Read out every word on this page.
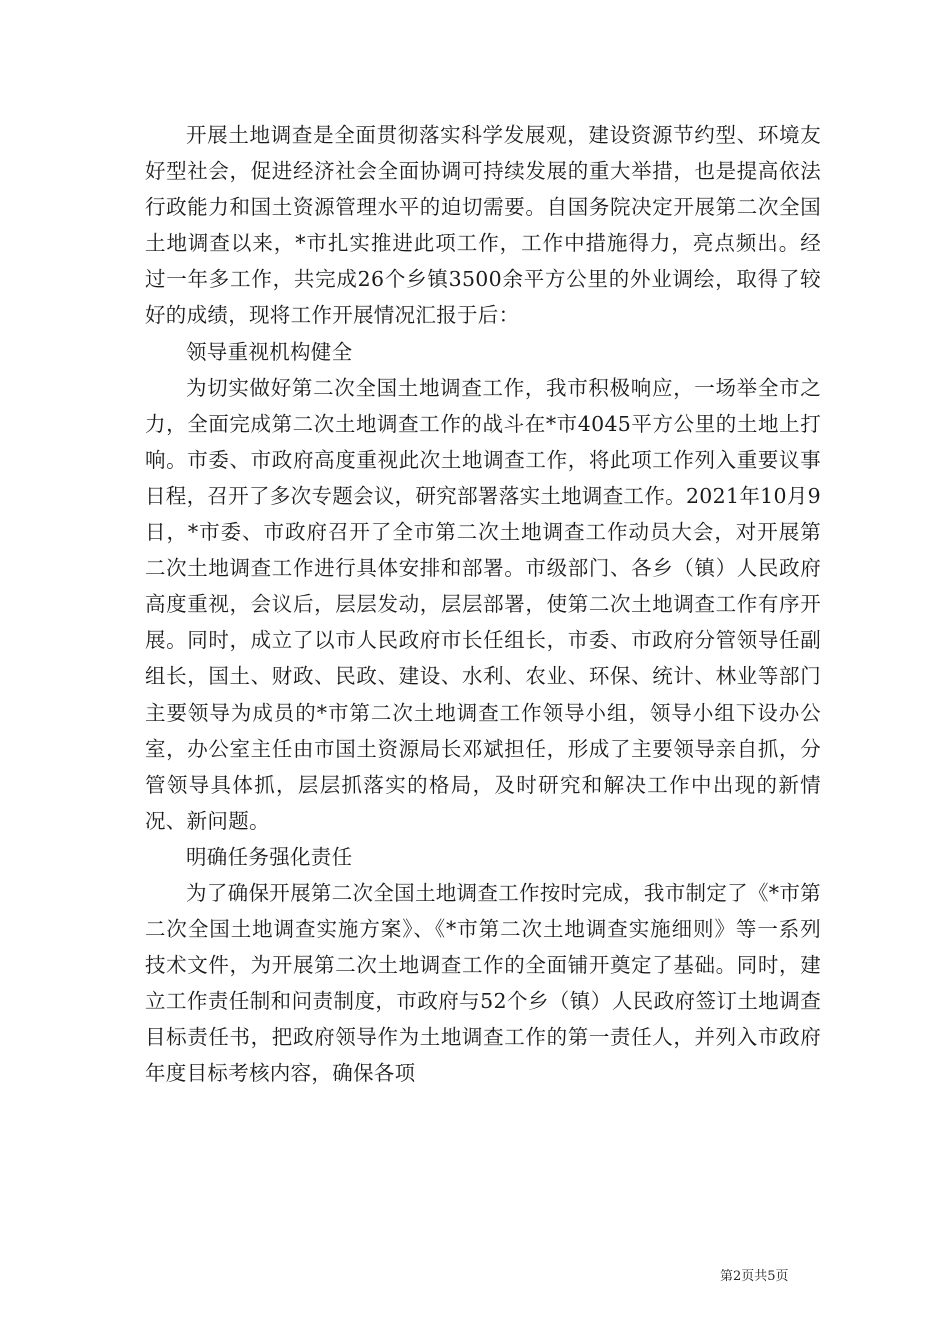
开展土地调查是全面贯彻落实科学发展观，建设资源节约型、环境友好型社会，促进经济社会全面协调可持续发展的重大举措，也是提高依法行政能力和国土资源管理水平的迫切需要。自国务院决定开展第二次全国土地调查以来，*市扎实推进此项工作，工作中措施得力，亮点频出。经过一年多工作，共完成26个乡镇3500余平方公里的外业调绘，取得了较好的成绩，现将工作开展情况汇报于后：

领导重视机构健全

为切实做好第二次全国土地调查工作，我市积极响应，一场举全市之力，全面完成第二次土地调查工作的战斗在*市4045平方公里的土地上打响。市委、市政府高度重视此次土地调查工作，将此项工作列入重要议事日程，召开了多次专题会议，研究部署落实土地调查工作。2021年10月9日，*市委、市政府召开了全市第二次土地调查工作动员大会，对开展第二次土地调查工作进行具体安排和部署。市级部门、各乡（镇）人民政府高度重视，会议后，层层发动，层层部署，使第二次土地调查工作有序开展。同时，成立了以市人民政府市长任组长，市委、市政府分管领导任副组长，国土、财政、民政、建设、水利、农业、环保、统计、林业等部门主要领导为成员的*市第二次土地调查工作领导小组，领导小组下设办公室，办公室主任由市国土资源局长邓斌担任，形成了主要领导亲自抓，分管领导具体抓，层层抓落实的格局，及时研究和解决工作中出现的新情况、新问题。

明确任务强化责任

为了确保开展第二次全国土地调查工作按时完成，我市制定了《*市第二次全国土地调查实施方案》、《*市第二次土地调查实施细则》等一系列技术文件，为开展第二次土地调查工作的全面铺开奠定了基础。同时，建立工作责任制和问责制度，市政府与52个乡（镇）人民政府签订土地调查目标责任书，把政府领导作为土地调查工作的第一责任人，并列入市政府年度目标考核内容，确保各项

第2页共5页
